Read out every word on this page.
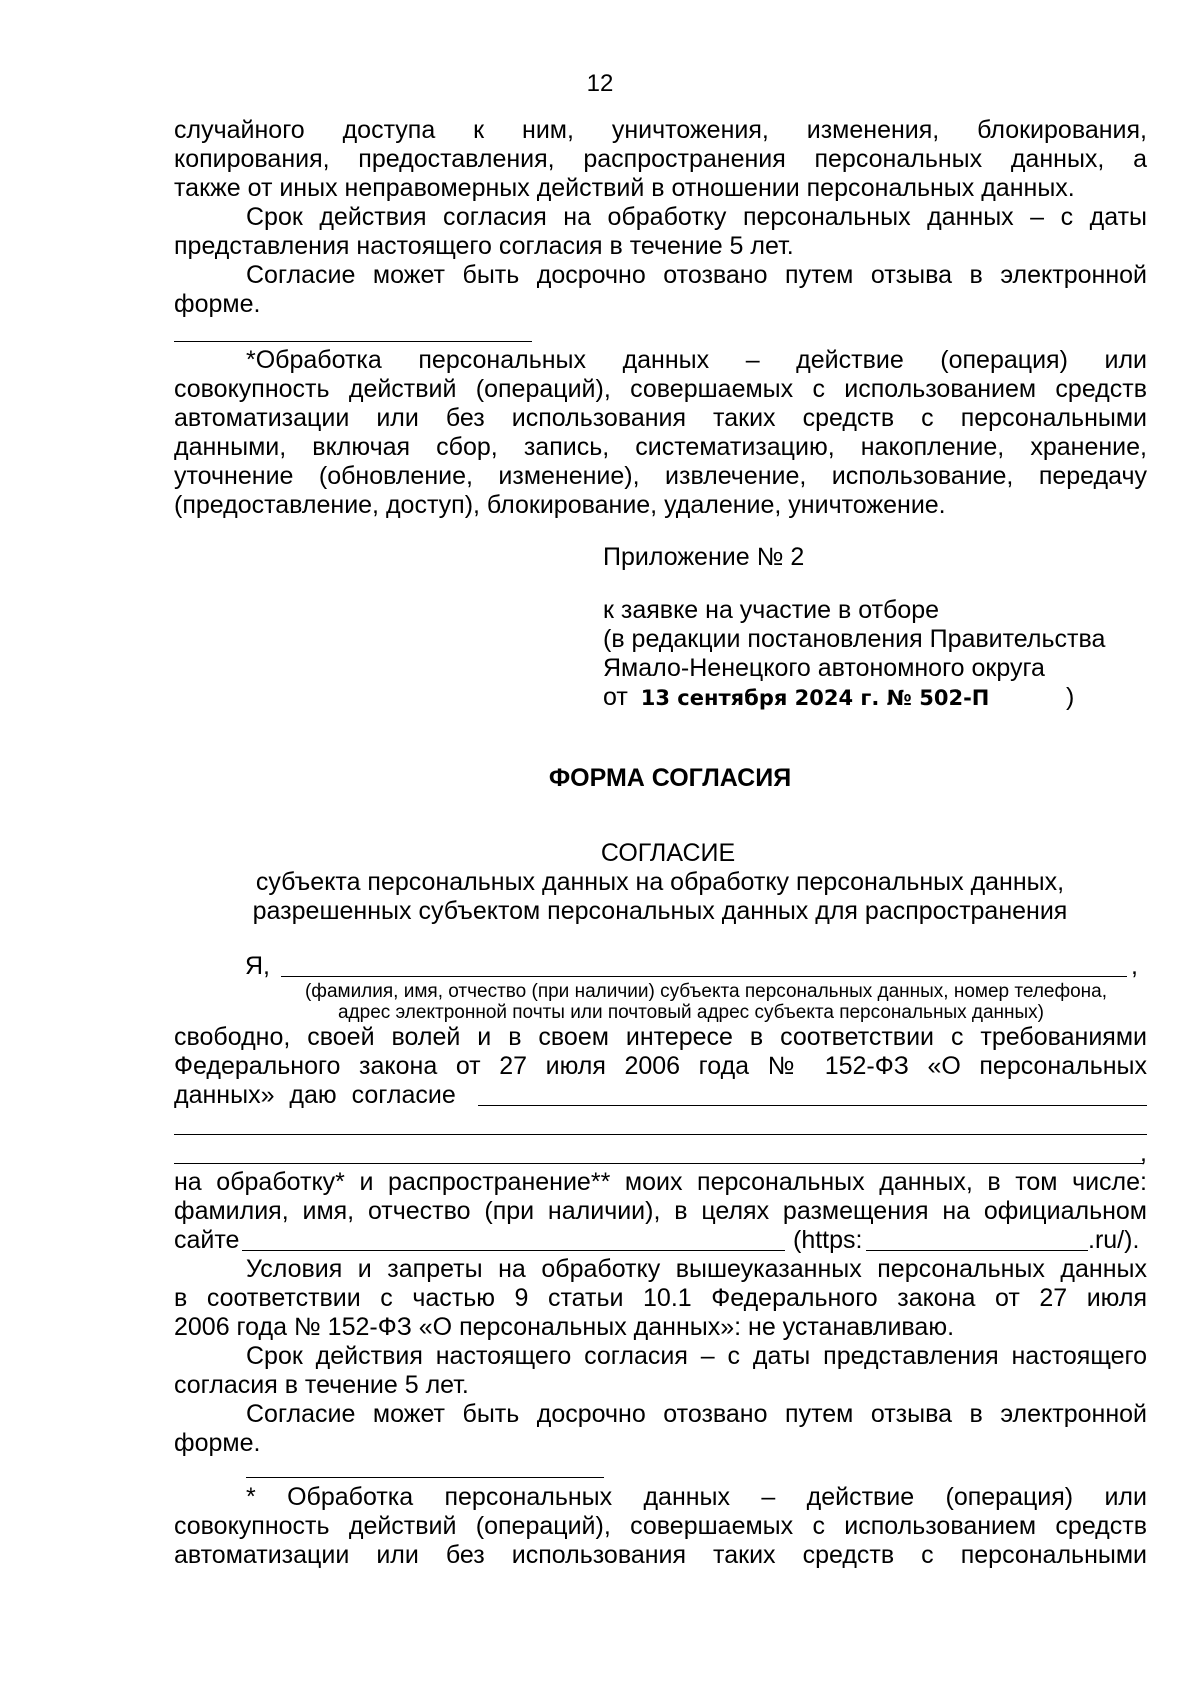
12
случайного доступа к ним, уничтожения, изменения, блокирования,
копирования, предоставления, распространения персональных данных, а
также от иных неправомерных действий в отношении персональных данных.
Срок действия согласия на обработку персональных данных – с даты
представления настоящего согласия в течение 5 лет.
Согласие может быть досрочно отозвано путем отзыва в электронной
форме.
*Обработка персональных данных – действие (операция) или
совокупность действий (операций), совершаемых с использованием средств
автоматизации или без использования таких средств с персональными
данными, включая сбор, запись, систематизацию, накопление, хранение,
уточнение (обновление, изменение), извлечение, использование, передачу
(предоставление, доступ), блокирование, удаление, уничтожение.
Приложение № 2
к заявке на участие в отборе
(в редакции постановления Правительства
Ямало-Ненецкого автономного округа
от 13 сентября 2024 г. № 502-П	)
ФОРМА СОГЛАСИЯ
СОГЛАСИЕ
субъекта персональных данных на обработку персональных данных,
разрешенных субъектом персональных данных для распространения
Я,	,
(фамилия, имя, отчество (при наличии) субъекта персональных данных, номер телефона,
адрес электронной почты или почтовый адрес субъекта персональных данных)
свободно, своей волей и в своем интересе в соответствии с требованиями
Федерального закона от 27 июля 2006 года № 152-ФЗ «О персональных
данных» даю согласие
,
на обработку* и распространение** моих персональных данных, в том числе:
фамилия, имя, отчество (при наличии), в целях размещения на официальном
сайте	(https:	.ru/).
Условия и запреты на обработку вышеуказанных персональных данных
в соответствии с частью 9 статьи 10.1 Федерального закона от 27 июля
2006 года № 152-ФЗ «О персональных данных»: не устанавливаю.
Срок действия настоящего согласия – с даты представления настоящего
согласия в течение 5 лет.
Согласие может быть досрочно отозвано путем отзыва в электронной
форме.
* Обработка персональных данных – действие (операция) или
совокупность действий (операций), совершаемых с использованием средств
автоматизации или без использования таких средств с персональными
